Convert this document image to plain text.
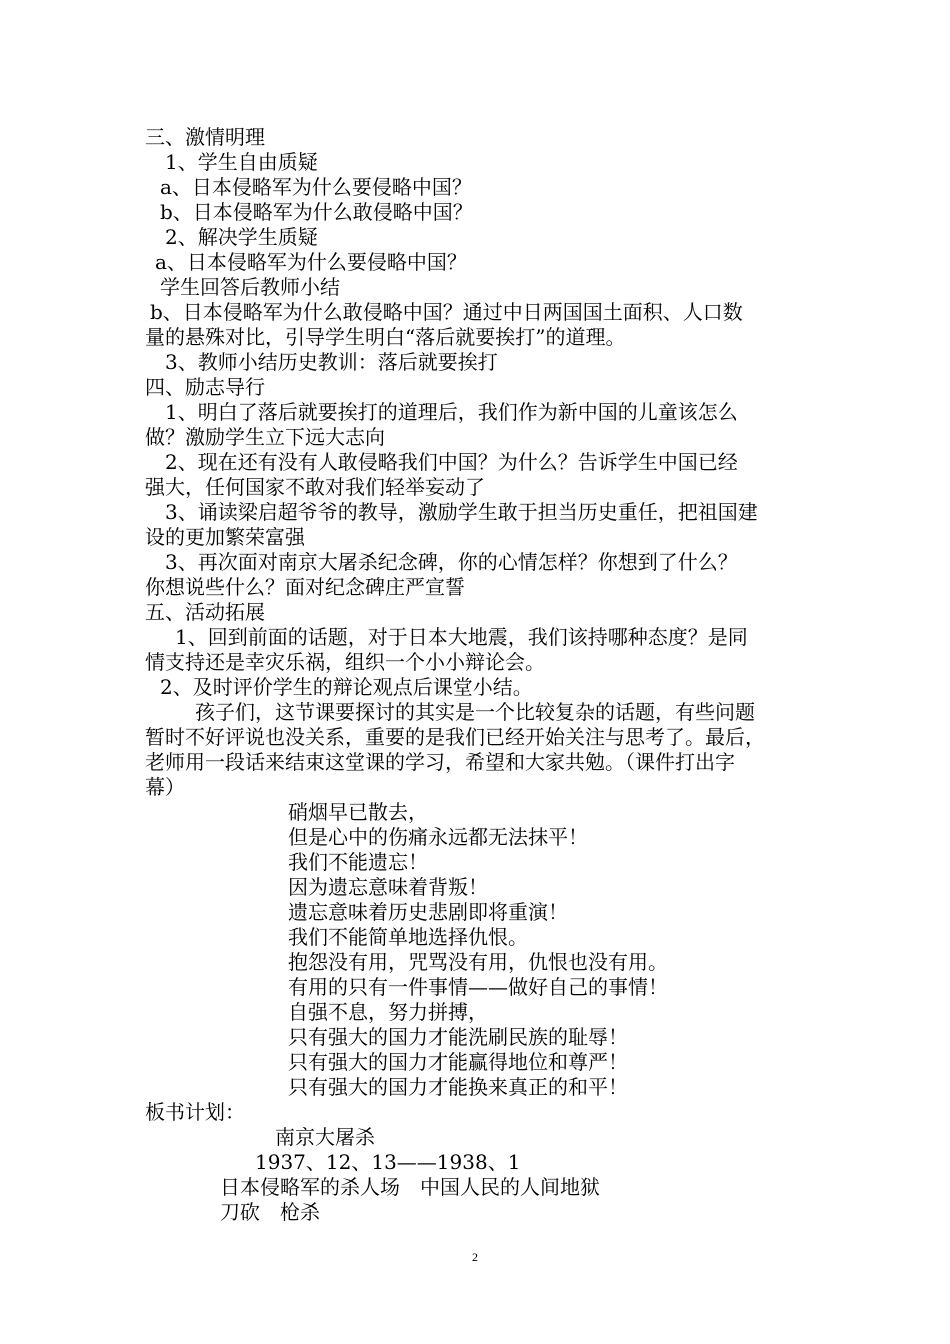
三、激情明理
1、学生自由质疑
a、日本侵略军为什么要侵略中国？
b、日本侵略军为什么敢侵略中国？
2、解决学生质疑
a、日本侵略军为什么要侵略中国？
学生回答后教师小结
b、日本侵略军为什么敢侵略中国？通过中日两国国土面积、人口数
量的悬殊对比，引导学生明白“落后就要挨打”的道理。
3、教师小结历史教训：落后就要挨打
四、励志导行
1、明白了落后就要挨打的道理后，我们作为新中国的儿童该怎么
做？激励学生立下远大志向
2、现在还有没有人敢侵略我们中国？为什么？告诉学生中国已经
强大，任何国家不敢对我们轻举妄动了
3、诵读梁启超爷爷的教导，激励学生敢于担当历史重任，把祖国建
设的更加繁荣富强
3、再次面对南京大屠杀纪念碑，你的心情怎样？你想到了什么？
你想说些什么？面对纪念碑庄严宣誓
五、活动拓展
1、回到前面的话题，对于日本大地震，我们该持哪种态度？是同
情支持还是幸灾乐祸，组织一个小小辩论会。
2、及时评价学生的辩论观点后课堂小结。
孩子们，这节课要探讨的其实是一个比较复杂的话题，有些问题
暂时不好评说也没关系，重要的是我们已经开始关注与思考了。最后，
老师用一段话来结束这堂课的学习，希望和大家共勉。（课件打出字
幕）
硝烟早已散去，
但是心中的伤痛永远都无法抹平！
我们不能遗忘！
因为遗忘意味着背叛！
遗忘意味着历史悲剧即将重演！
我们不能简单地选择仇恨。
抱怨没有用，咒骂没有用，仇恨也没有用。
有用的只有一件事情——做好自己的事情！
自强不息，努力拼搏，
只有强大的国力才能洗刷民族的耻辱！
只有强大的国力才能赢得地位和尊严！
只有强大的国力才能换来真正的和平！
板书计划：
南京大屠杀
1937、12、13——1938、1
日本侵略军的杀人场　中国人民的人间地狱
刀砍　枪杀
2
